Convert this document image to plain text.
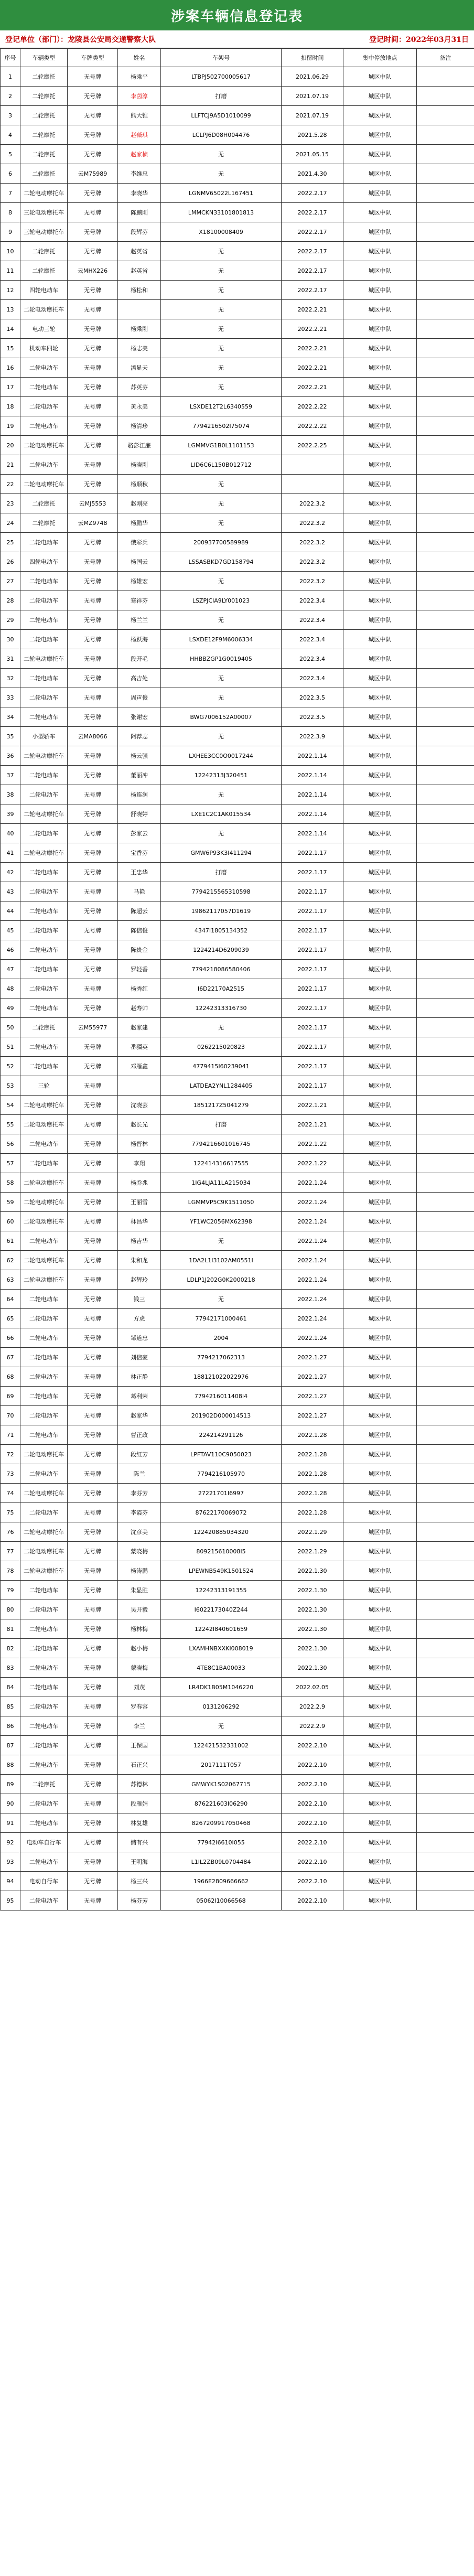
涉案车辆信息登记表
登记单位（部门）：龙陵县公安局交通警察大队	登记时间：2022年03月31日
序号	车辆类型	车牌类型	姓名	车架号	扣留时间	集中停放地点	备注
1	二轮摩托	无号牌	杨乘平	LTBPJ502700005617	2021.06.29	城区中队	
2	二轮摩托	无号牌	李茵淳	打磨	2021.07.19	城区中队	
3	二轮摩托	无号牌	熊大锥	LLFTCJ9A5D1010099	2021.07.19	城区中队	
4	二轮摩托	无号牌	赵薇琪	LCLPJ6D08H004476	2021.5.28	城区中队	
5	二轮摩托	无号牌	赵家桢	无	2021.05.15	城区中队	
6	二轮摩托	云M75989	李维忠	无	2021.4.30	城区中队	
7	二轮电动摩托车	无号牌	李晓华	LGNMV65022L167451	2022.2.17	城区中队	
8	三轮电动摩托车	无号牌	陈鹏刚	LMMCKN33101801813	2022.2.17	城区中队	
9	三轮电动摩托车	无号牌	段辉芬	X18100008409	2022.2.17	城区中队	
10	二轮摩托	无号牌	赵英省	无	2022.2.17	城区中队	
11	二轮摩托	云MHX226	赵英省	无	2022.2.17	城区中队	
12	四轮电动车	无号牌	杨松和	无	2022.2.17	城区中队	
13	二轮电动摩托车	无号牌		无	2022.2.21	城区中队	
14	电动三轮	无号牌	杨乘刚	无	2022.2.21	城区中队	
15	机动车四轮	无号牌	杨志美	无	2022.2.21	城区中队	
16	二轮电动车	无号牌	潘显天	无	2022.2.21	城区中队	
17	二轮电动车	无号牌	苏英芬	无	2022.2.21	城区中队	
18	二轮电动车	无号牌	黄永美	LSXDE12T2L6340559	2022.2.22	城区中队	
19	二轮电动车	无号牌	杨清珍	7794216502I75074	2022.2.22	城区中队	
20	二轮电动摩托车	无号牌	骆彭江廉	LGMMVG1B0L1101153	2022.2.25	城区中队	
21	二轮电动车	无号牌	杨晓刚	LID6C6L150B012712		城区中队	
22	二轮电动摩托车	无号牌	杨顺秋	无		城区中队	
23	二轮摩托	云MJ5553	赵刚亮	无	2022.3.2	城区中队	
24	二轮摩托	云MZ9748	杨鹏华	无	2022.3.2	城区中队	
25	二轮电动车	无号牌	俄彩兵	200937700589989	2022.3.2	城区中队	
26	四轮电动车	无号牌	杨国云	LSSASBKD7GD158794	2022.3.2	城区中队	
27	二轮电动车	无号牌	杨雄宏	无	2022.3.2	城区中队	
28	二轮电动车	无号牌	寒祥芬	LSZPJCIA9LY001023	2022.3.4	城区中队	
29	二轮电动车	无号牌	杨兰兰	无	2022.3.4	城区中队	
30	二轮电动车	无号牌	杨跃海	LSXDE12F9M6006334	2022.3.4	城区中队	
31	二轮电动摩托车	无号牌	段开毛	HHBBZGP1G0019405	2022.3.4	城区中队	
32	二轮电动车	无号牌	高吉处	无	2022.3.4	城区中队	
33	二轮电动车	无号牌	周声俊	无	2022.3.5	城区中队	
34	二轮电动车	无号牌	张谢宏	BWG7006152A00007	2022.3.5	城区中队	
35	小型轿车	云MA8066	阿荐志	无	2022.3.9	城区中队	
36	二轮电动摩托车	无号牌	杨云强	LXHEE3CC0O0017244	2022.1.14	城区中队	
37	二轮电动车	无号牌	董丽冲	12242313J320451	2022.1.14	城区中队	
38	二轮电动车	无号牌	杨连润	无	2022.1.14	城区中队	
39	二轮电动摩托车	无号牌	舒晓婷	LXE1C2C1AK015534	2022.1.14	城区中队	
40	二轮电动车	无号牌	彭家云	无	2022.1.14	城区中队	
41	二轮电动摩托车	无号牌	宝香芬	GMW6P93K3I411294	2022.1.17	城区中队	
42	二轮电动车	无号牌	王忠华	打磨	2022.1.17	城区中队	
43	二轮电动车	无号牌	马艳	7794215565310598	2022.1.17	城区中队	
44	二轮电动车	无号牌	陈超云	19862117057D1619	2022.1.17	城区中队	
45	二轮电动车	无号牌	陈信俊	4347I1805134352	2022.1.17	城区中队	
46	二轮电动车	无号牌	陈贵金	1224214D6209039	2022.1.17	城区中队	
47	二轮电动车	无号牌	罗轻香	7794218086580406	2022.1.17	城区中队	
48	二轮电动车	无号牌	杨秀红	I6D22170A2515	2022.1.17	城区中队	
49	二轮电动车	无号牌	赵寿帅	12242313316730	2022.1.17	城区中队	
50	二轮摩托	云M55977	赵家建	无	2022.1.17	城区中队	
51	二轮电动车	无号牌	番疆英	0262215020823	2022.1.17	城区中队	
52	二轮电动车	无号牌	邓雁鑫	4779415I60239041	2022.1.17	城区中队	
53	三轮	无号牌		LATDEA2YNL1284405	2022.1.17	城区中队	
54	二轮电动摩托车	无号牌	沈晓芸	1851217Z5041279	2022.1.21	城区中队	
55	二轮电动摩托车	无号牌	赵长光	打磨	2022.1.21	城区中队	
56	二轮电动车	无号牌	杨晋林	7794216601016745	2022.1.22	城区中队	
57	二轮电动车	无号牌	李翔	122414316617555	2022.1.22	城区中队	
58	二轮电动摩托车	无号牌	杨乔兆	1IG4LJA11LA215034	2022.1.24	城区中队	
59	二轮电动摩托车	无号牌	王丽雪	LGMMVP5C9K1511050	2022.1.24	城区中队	
60	二轮电动摩托车	无号牌	林昌华	YF1WC2056MX62398	2022.1.24	城区中队	
61	二轮电动车	无号牌	杨吉华	无	2022.1.24	城区中队	
62	二轮电动摩托车	无号牌	朱和龙	1DA2L1I3102AM0551I	2022.1.24	城区中队	
63	二轮电动摩托车	无号牌	赵辉玲	LDLP1J202G0K2000218	2022.1.24	城区中队	
64	二轮电动车	无号牌	钱三	无	2022.1.24	城区中队	
65	二轮电动车	无号牌	方虎	77942171000461	2022.1.24	城区中队	
66	二轮电动车	无号牌	邹道忠	2004	2022.1.24	城区中队	
67	二轮电动车	无号牌	刘信豪	7794217062313	2022.1.27	城区中队	
68	二轮电动车	无号牌	林正静	188121022022976	2022.1.27	城区中队	
69	二轮电动车	无号牌	葛利荣	7794216011408I4	2022.1.27	城区中队	
70	二轮电动车	无号牌	赵家华	201902D000014513	2022.1.27	城区中队	
71	二轮电动车	无号牌	曹正政	224214291126	2022.1.28	城区中队	
72	二轮电动摩托车	无号牌	段红芳	LPFTAV110C9050023	2022.1.28	城区中队	
73	二轮电动车	无号牌	陈兰	7794216105970	2022.1.28	城区中队	
74	二轮电动摩托车	无号牌	李芬芳	27221701I6997	2022.1.28	城区中队	
75	二轮电动车	无号牌	李霞芬	87622170069072	2022.1.28	城区中队	
76	二轮电动摩托车	无号牌	沈彦美	122420885034320	2022.1.29	城区中队	
77	二轮电动摩托车	无号牌	蒙晓梅	809215610008I5	2022.1.29	城区中队	
78	二轮电动摩托车	无号牌	杨涛鹏	LPEWNB549K1501524	2022.1.30	城区中队	
79	二轮电动车	无号牌	朱显胜	12242313191355	2022.1.30	城区中队	
80	二轮电动车	无号牌	吴开毅	I6022173040Z244	2022.1.30	城区中队	
81	二轮电动车	无号牌	杨林梅	12242I840601659	2022.1.30	城区中队	
82	二轮电动车	无号牌	赵小梅	LXAMHNBXXKI008019	2022.1.30	城区中队	
83	二轮电动车	无号牌	蒙晓梅	4TE8C1BA00033	2022.1.30	城区中队	
84	二轮电动车	无号牌	刘茂	LR4DK1B05M1046220	2022.02.05	城区中队	
85	二轮电动车	无号牌	罗春容	0131206292	2022.2.9	城区中队	
86	二轮电动车	无号牌	李兰	无	2022.2.9	城区中队	
87	二轮电动车	无号牌	王保国	122421532331002	2022.2.10	城区中队	
88	二轮电动车	无号牌	石正兴	2017111T057	2022.2.10	城区中队	
89	二轮摩托	无号牌	苏德林	GMWYK1S02067715	2022.2.10	城区中队	
90	二轮电动车	无号牌	段雁娟	876221603I06290	2022.2.10	城区中队	
91	二轮电动车	无号牌	林复雄	8267209917050468	2022.2.10	城区中队	
92	电动车自行车	无号牌	储有兴	77942I6610I055	2022.2.10	城区中队	
93	二轮电动车	无号牌	王明海	L1IL2ZB09L0704484	2022.2.10	城区中队	
94	电动自行车	无号牌	杨三兴	1966E2809666662	2022.2.10	城区中队	
95	二轮电动车	无号牌	杨芬芳	05062I10066568	2022.2.10	城区中队	
